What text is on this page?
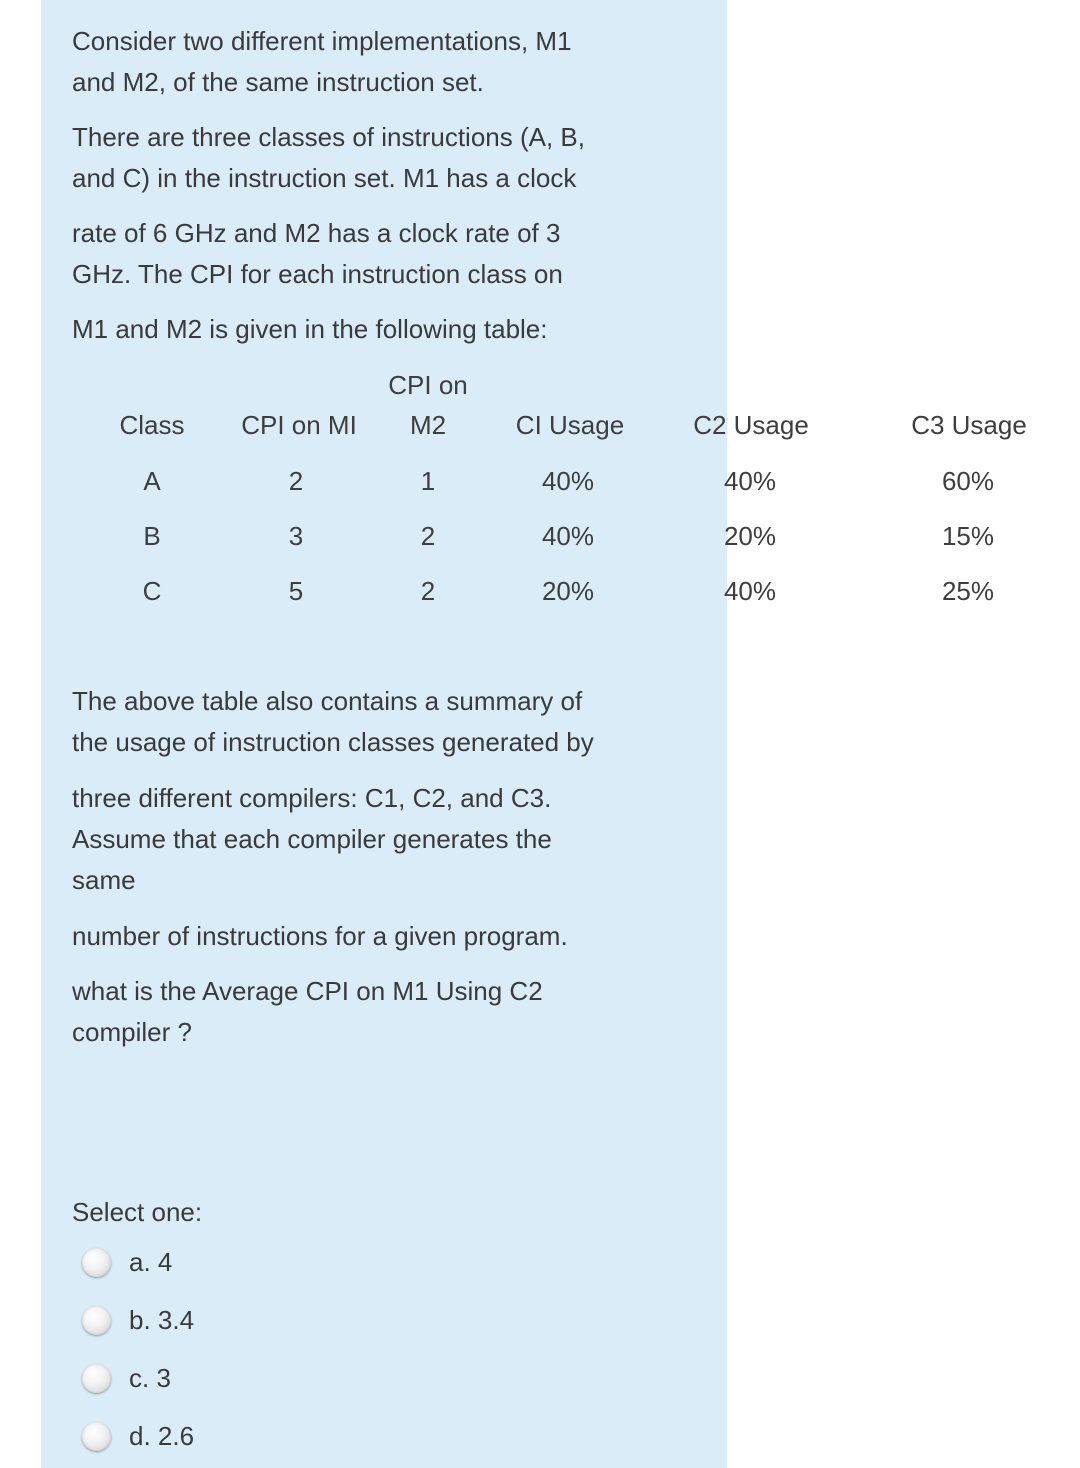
Consider two different implementations, M1
and M2, of the same instruction set.

There are three classes of instructions (A, B,
and C) in the instruction set. M1 has a clock

rate of 6 GHz and M2 has a clock rate of 3
GHz. The CPI for each instruction class on

M1 and M2 is given in the following table:

CPI on
Class	CPI on MI	M2	CI Usage	C2 Usage	C3 Usage
A	2	1	40%	40%	60%
B	3	2	40%	20%	15%
C	5	2	20%	40%	25%

The above table also contains a summary of
the usage of instruction classes generated by

three different compilers: C1, C2, and C3.
Assume that each compiler generates the
same

number of instructions for a given program.

what is the Average CPI on M1 Using C2
compiler ?

Select one:
a. 4
b. 3.4
c. 3
d. 2.6
